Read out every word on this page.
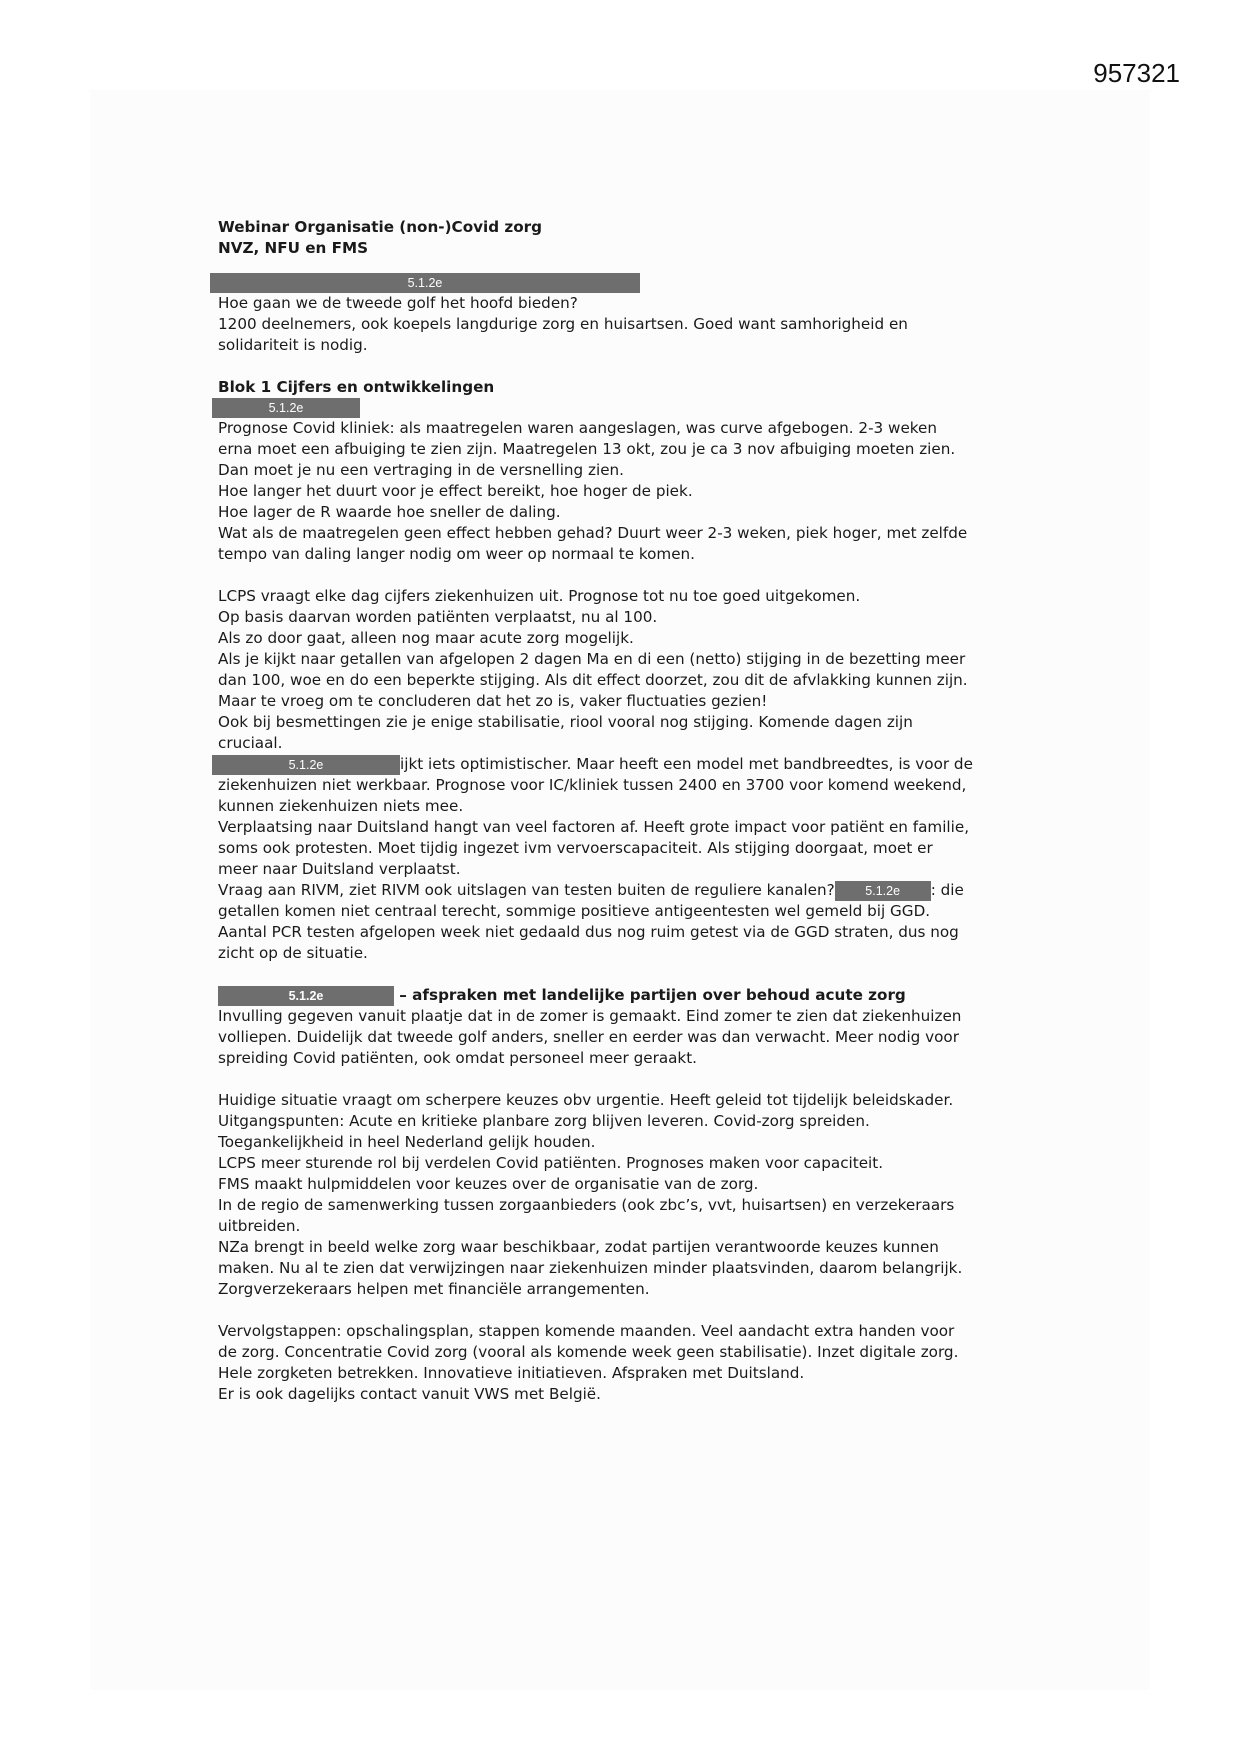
957321

Webinar Organisatie (non-)Covid zorg

NVZ, NFU en FMS

5.1.2e

Hoe gaan we de tweede golf het hoofd bieden?

1200 deelnemers, ook koepels langdurige zorg en huisartsen. Goed want samhorigheid en

solidariteit is nodig.

Blok 1 Cijfers en ontwikkelingen

5.1.2e

Prognose Covid kliniek: als maatregelen waren aangeslagen, was curve afgebogen. 2-3 weken

erna moet een afbuiging te zien zijn. Maatregelen 13 okt, zou je ca 3 nov afbuiging moeten zien.

Dan moet je nu een vertraging in de versnelling zien.

Hoe langer het duurt voor je effect bereikt, hoe hoger de piek.

Hoe lager de R waarde hoe sneller de daling.

Wat als de maatregelen geen effect hebben gehad? Duurt weer 2-3 weken, piek hoger, met zelfde

tempo van daling langer nodig om weer op normaal te komen.

LCPS vraagt elke dag cijfers ziekenhuizen uit. Prognose tot nu toe goed uitgekomen.

Op basis daarvan worden patiënten verplaatst, nu al 100.

Als zo door gaat, alleen nog maar acute zorg mogelijk.

Als je kijkt naar getallen van afgelopen 2 dagen Ma en di een (netto) stijging in de bezetting meer

dan 100, woe en do een beperkte stijging. Als dit effect doorzet, zou dit de afvlakking kunnen zijn.

Maar te vroeg om te concluderen dat het zo is, vaker fluctuaties gezien!

Ook bij besmettingen zie je enige stabilisatie, riool vooral nog stijging. Komende dagen zijn

cruciaal.

5.1.2e	ijkt iets optimistischer. Maar heeft een model met bandbreedtes, is voor de

ziekenhuizen niet werkbaar. Prognose voor IC/kliniek tussen 2400 en 3700 voor komend weekend,

kunnen ziekenhuizen niets mee.

Verplaatsing naar Duitsland hangt van veel factoren af. Heeft grote impact voor patiënt en familie,

soms ook protesten. Moet tijdig ingezet ivm vervoerscapaciteit. Als stijging doorgaat, moet er

meer naar Duitsland verplaatst.

Vraag aan RIVM, ziet RIVM ook uitslagen van testen buiten de reguliere kanalen? 5.1.2e : die

getallen komen niet centraal terecht, sommige positieve antigeentesten wel gemeld bij GGD.

Aantal PCR testen afgelopen week niet gedaald dus nog ruim getest via de GGD straten, dus nog

zicht op de situatie.

5.1.2e	– afspraken met landelijke partijen over behoud acute zorg

Invulling gegeven vanuit plaatje dat in de zomer is gemaakt. Eind zomer te zien dat ziekenhuizen

volliepen. Duidelijk dat tweede golf anders, sneller en eerder was dan verwacht. Meer nodig voor

spreiding Covid patiënten, ook omdat personeel meer geraakt.

Huidige situatie vraagt om scherpere keuzes obv urgentie. Heeft geleid tot tijdelijk beleidskader.

Uitgangspunten: Acute en kritieke planbare zorg blijven leveren. Covid-zorg spreiden.

Toegankelijkheid in heel Nederland gelijk houden.

LCPS meer sturende rol bij verdelen Covid patiënten. Prognoses maken voor capaciteit.

FMS maakt hulpmiddelen voor keuzes over de organisatie van de zorg.

In de regio de samenwerking tussen zorgaanbieders (ook zbc’s, vvt, huisartsen) en verzekeraars

uitbreiden.

NZa brengt in beeld welke zorg waar beschikbaar, zodat partijen verantwoorde keuzes kunnen

maken. Nu al te zien dat verwijzingen naar ziekenhuizen minder plaatsvinden, daarom belangrijk.

Zorgverzekeraars helpen met financiële arrangementen.

Vervolgstappen: opschalingsplan, stappen komende maanden. Veel aandacht extra handen voor

de zorg. Concentratie Covid zorg (vooral als komende week geen stabilisatie). Inzet digitale zorg.

Hele zorgketen betrekken. Innovatieve initiatieven. Afspraken met Duitsland.

Er is ook dagelijks contact vanuit VWS met België.
